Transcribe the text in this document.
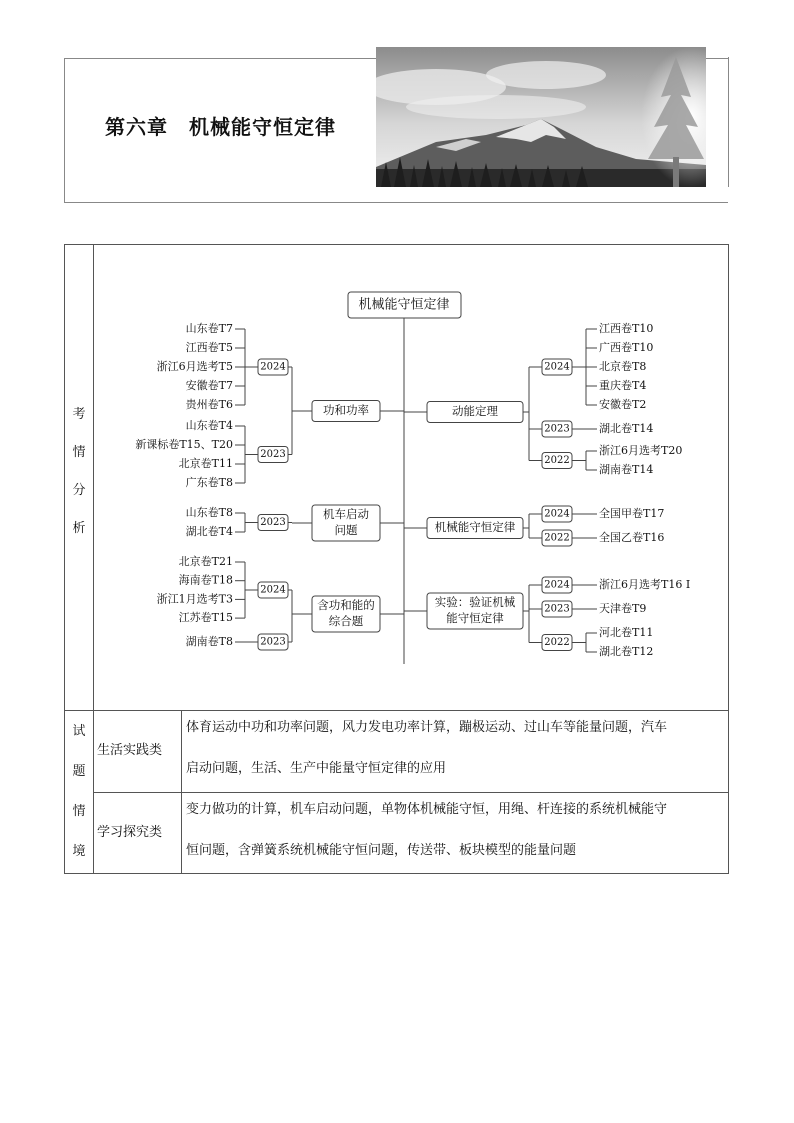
第六章　机械能守恒定律
考
情
分
析
试
题
情
境
生活实践类
体育运动中功和功率问题，风力发电功率计算，蹦极运动、过山车等能量问题，汽车
启动问题，生活、生产中能量守恒定律的应用
学习探究类
变力做功的计算，机车启动问题，单物体机械能守恒，用绳、杆连接的系统机械能守
恒问题，含弹簧系统机械能守恒问题，传送带、板块模型的能量问题
机械能守恒定律
功和功率
山东卷T7
江西卷T5
浙江6月选考T5
安徽卷T7
贵州卷T6
2024
山东卷T4
新课标卷T15、T20
北京卷T11
广东卷T8
2023
机车启动
问题
山东卷T8
湖北卷T4
2023
含功和能的
综合题
北京卷T21
海南卷T18
浙江1月选考T3
江苏卷T15
2024
湖南卷T8	2023
动能定理
江西卷T10
广西卷T10
北京卷T8
重庆卷T4
安徽卷T2
2024
湖北卷T14
2023
浙江6月选考T20
湖南卷T14
2022
机械能守恒定律
全国甲卷T17
2024
全国乙卷T16
2022
实验：验证机械
能守恒定律
浙江6月选考T16 Ⅰ
2024
天津卷T9
2023
河北卷T11
湖北卷T12
2022
